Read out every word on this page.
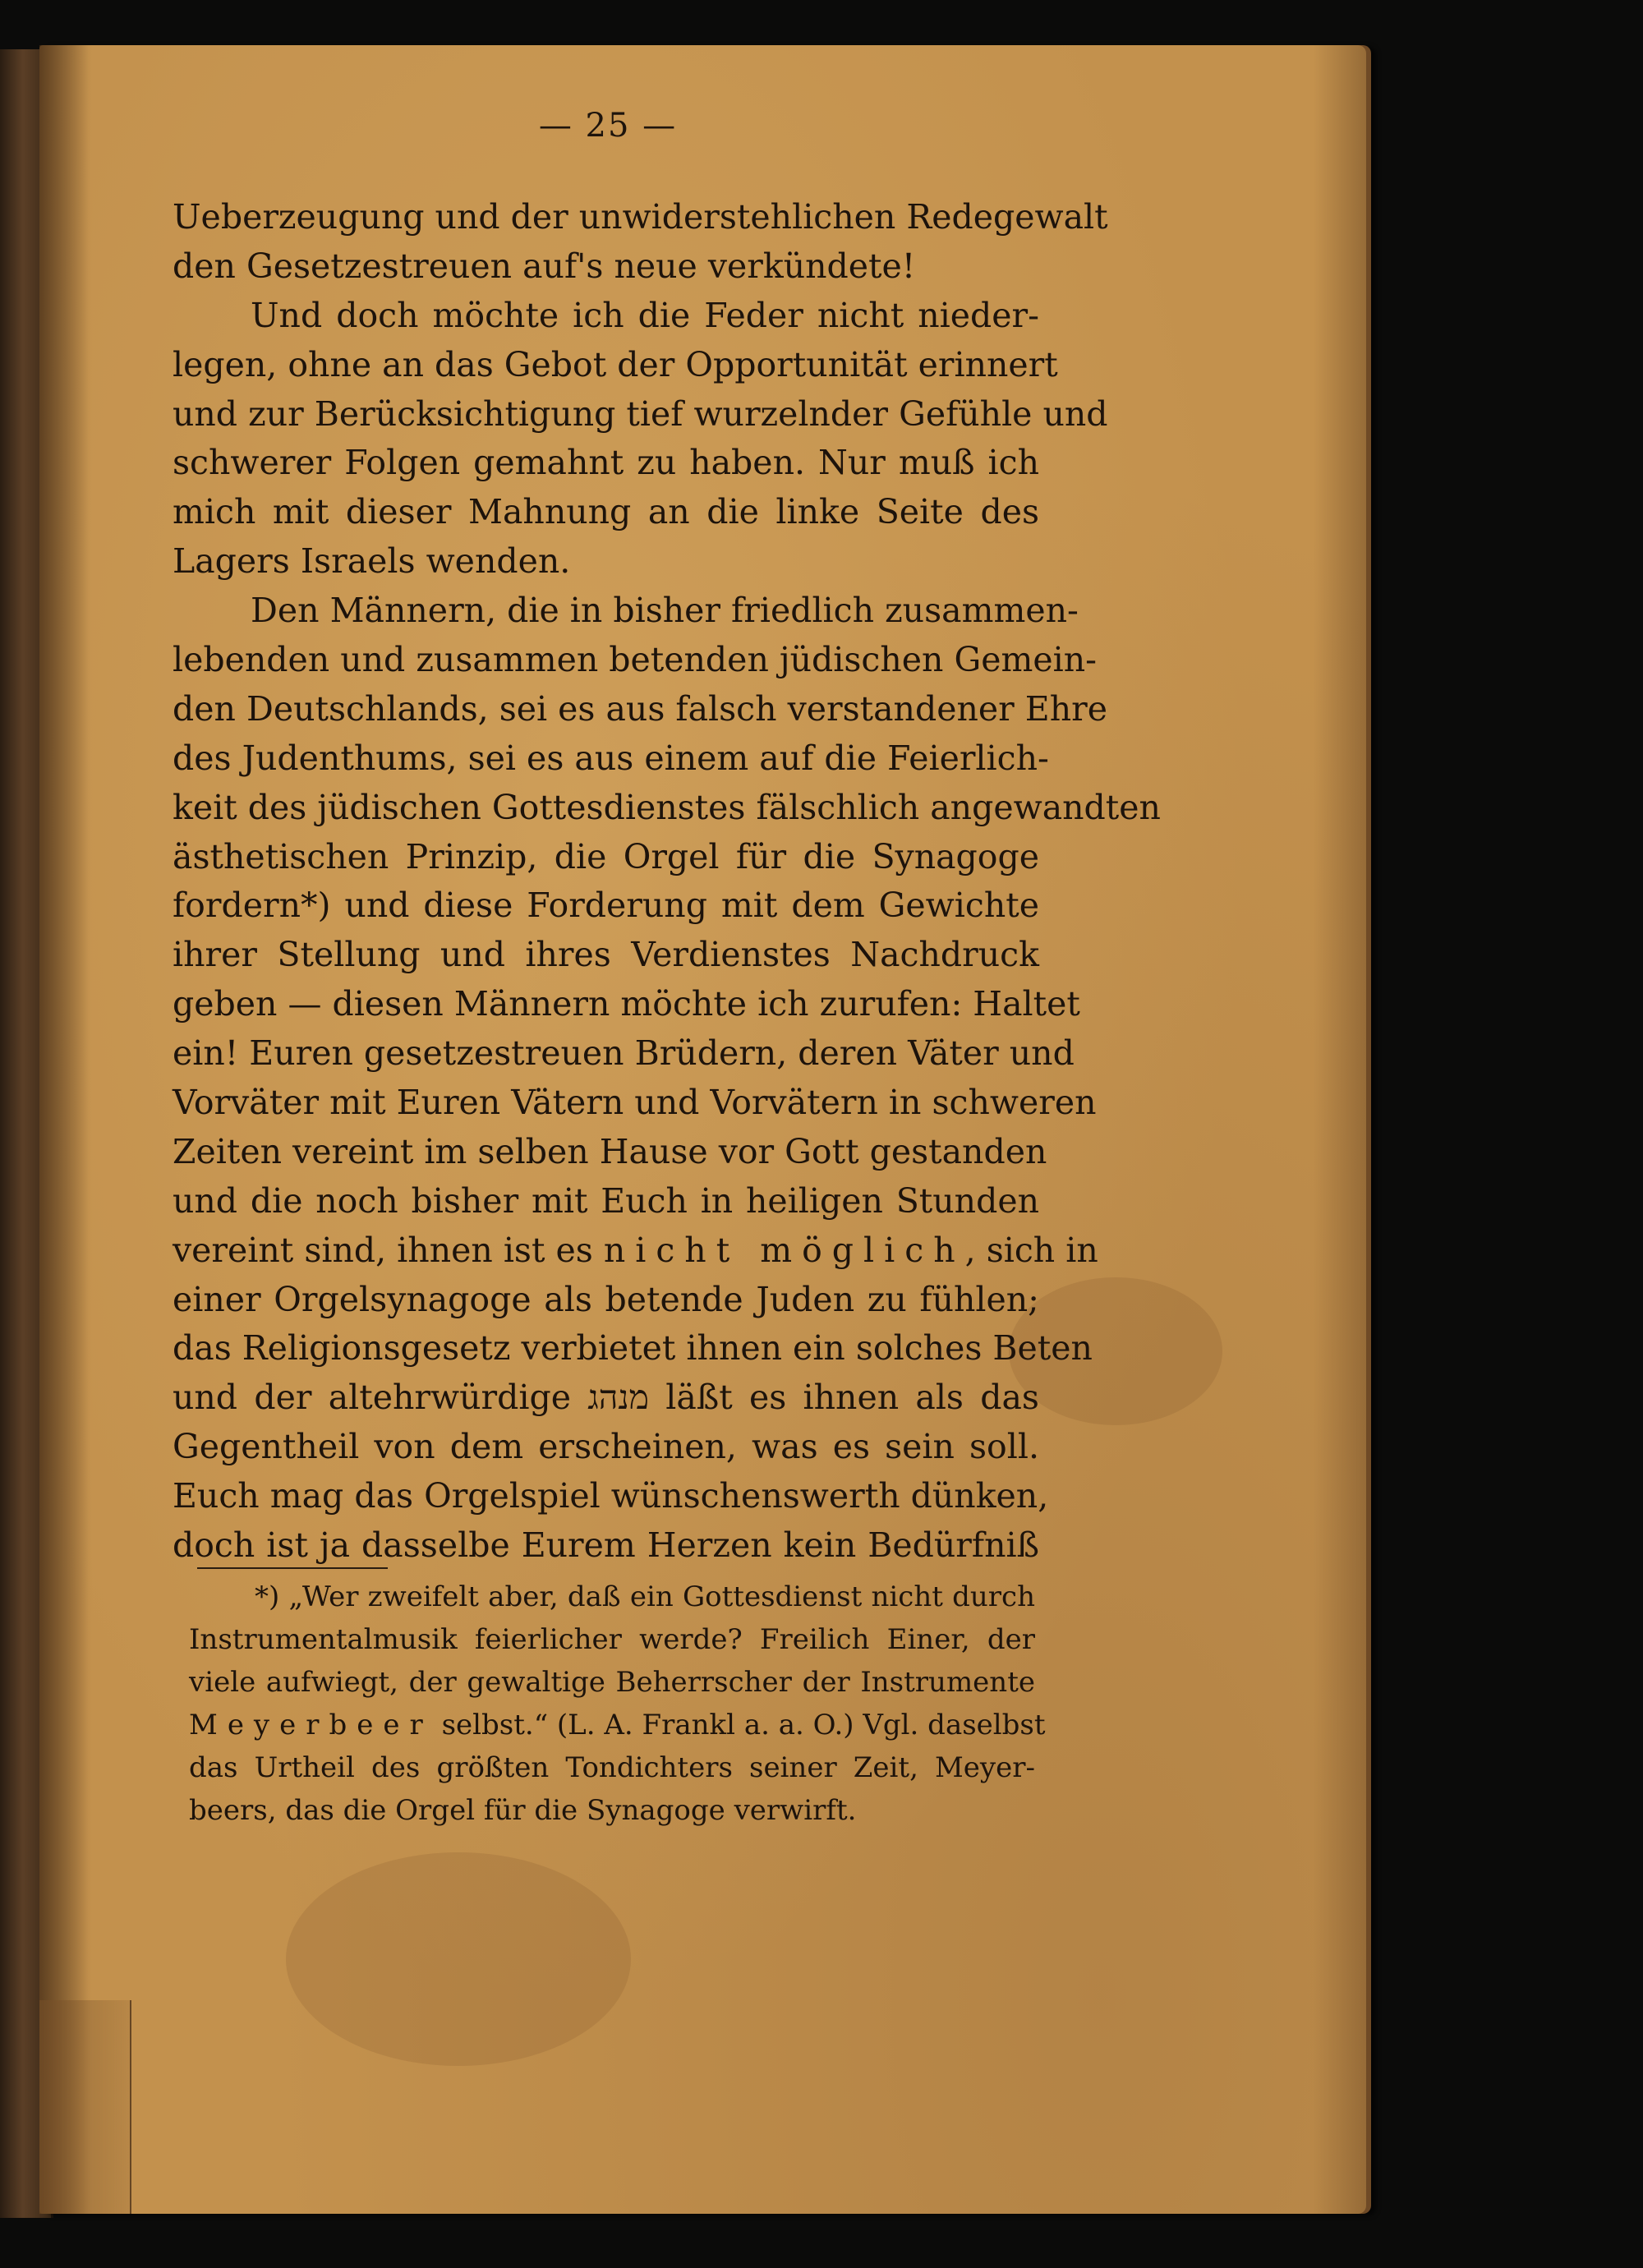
— 25 —
Ueberzeugung und der unwiderstehlichen Redegewalt
den Gesetzestreuen auf's neue verkündete!
Und doch möchte ich die Feder nicht nieder-
legen, ohne an das Gebot der Opportunität erinnert
und zur Berücksichtigung tief wurzelnder Gefühle und
schwerer Folgen gemahnt zu haben. Nur muß ich
mich mit dieser Mahnung an die linke Seite des
Lagers Israels wenden.
Den Männern, die in bisher friedlich zusammen-
lebenden und zusammen betenden jüdischen Gemein-
den Deutschlands, sei es aus falsch verstandener Ehre
des Judenthums, sei es aus einem auf die Feierlich-
keit des jüdischen Gottesdienstes fälschlich angewandten
ästhetischen Prinzip, die Orgel für die Synagoge
fordern*) und diese Forderung mit dem Gewichte
ihrer Stellung und ihres Verdienstes Nachdruck
geben — diesen Männern möchte ich zurufen: Haltet
ein! Euren gesetzestreuen Brüdern, deren Väter und
Vorväter mit Euren Vätern und Vorvätern in schweren
Zeiten vereint im selben Hause vor Gott gestanden
und die noch bisher mit Euch in heiligen Stunden
vereint sind, ihnen ist es nicht möglich, sich in
einer Orgelsynagoge als betende Juden zu fühlen;
das Religionsgesetz verbietet ihnen ein solches Beten
und der altehrwürdige מנהג läßt es ihnen als das
Gegentheil von dem erscheinen, was es sein soll.
Euch mag das Orgelspiel wünschenswerth dünken,
doch ist ja dasselbe Eurem Herzen kein Bedürfniß
*) „Wer zweifelt aber, daß ein Gottesdienst nicht durch
Instrumentalmusik feierlicher werde? Freilich Einer, der
viele aufwiegt, der gewaltige Beherrscher der Instrumente
Meyerbeer selbst.“ (L. A. Frankl a. a. O.) Vgl. daselbst
das Urtheil des größten Tondichters seiner Zeit, Meyer-
beers, das die Orgel für die Synagoge verwirft.
